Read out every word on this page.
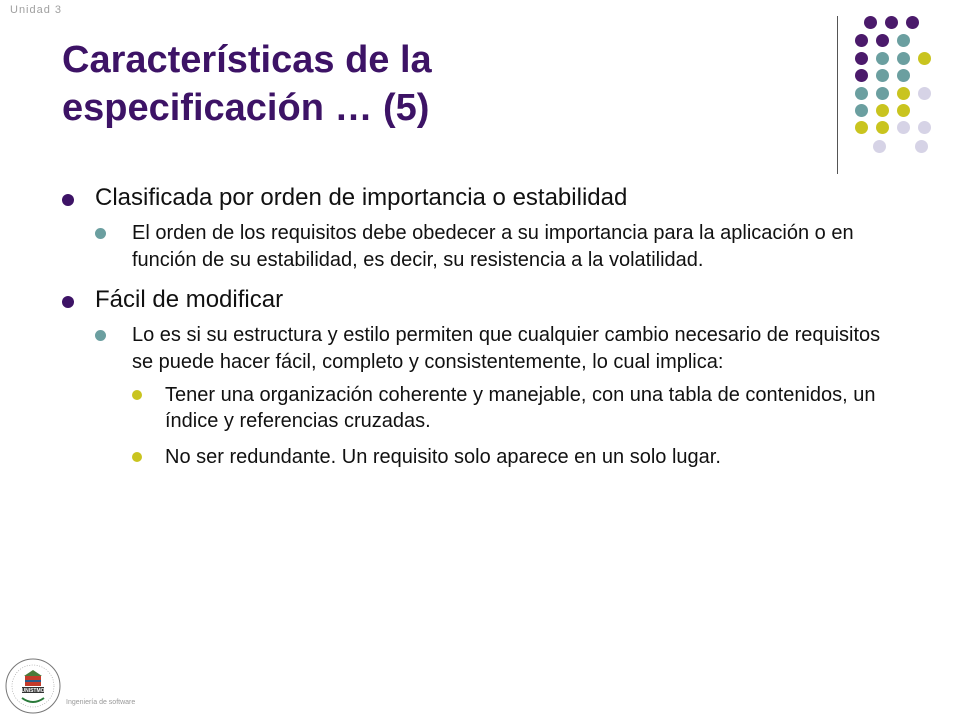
Unidad 3
Características de la
especificación … (5)
Clasificada por orden de importancia o estabilidad
El orden de los requisitos debe obedecer a su importancia para la aplicación o en función de su estabilidad, es decir, su resistencia a la volatilidad.
Fácil de modificar
Lo es si su estructura y estilo permiten que cualquier cambio necesario de requisitos se puede hacer fácil, completo y consistentemente, lo cual implica:
Tener una organización coherente y manejable, con una tabla de contenidos, un índice y referencias cruzadas.
No ser redundante. Un requisito solo aparece en un solo lugar.
UNISTMO
Ingeniería de software
